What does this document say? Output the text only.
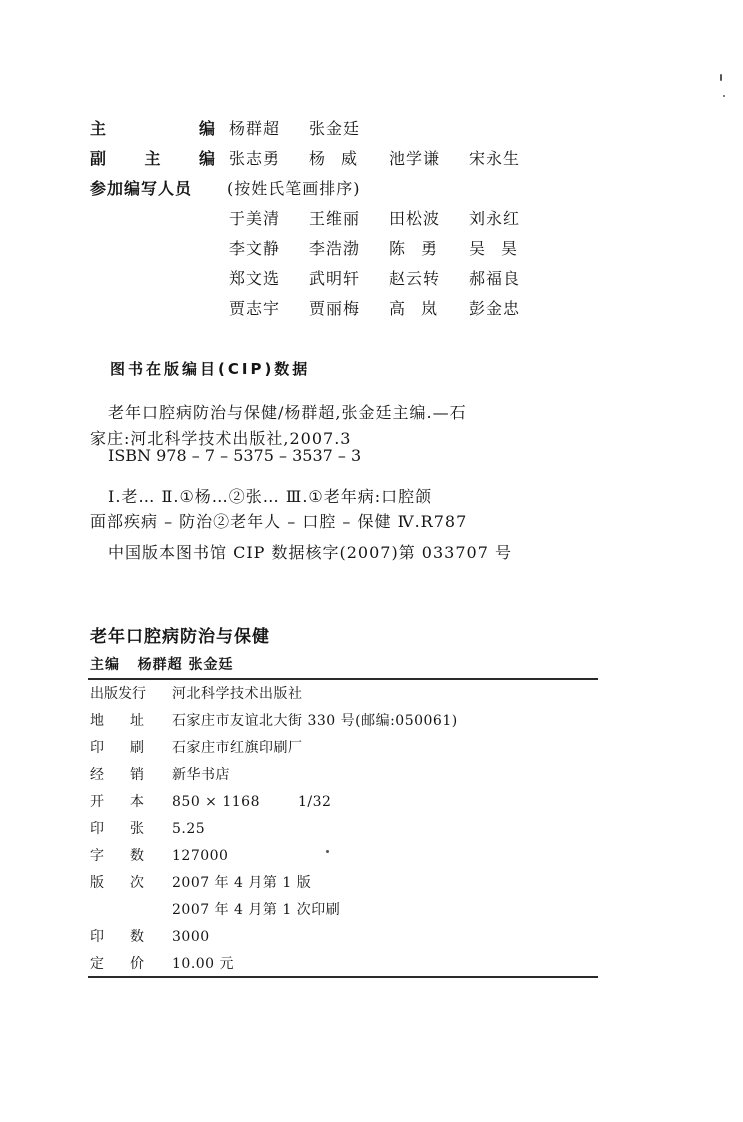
主	编 杨群超	张金廷
副 主 编 张志勇	杨威 池学谦	宋永生
参加编写人员	(按姓氏笔画排序)
于美清	王维丽	田松波	刘永红
李文静	李浩渤	陈勇 吴昊
郑文选	武明轩	赵云转	郝福良
贾志宇	贾丽梅	高岚 彭金忠
图书在版编目(CIP)数据
老年口腔病防治与保健/杨群超,张金廷主编.—石
家庄:河北科学技术出版社,2007.3
ISBN 978 – 7 – 5375 – 3537 – 3
Ⅰ.老… Ⅱ.①杨…②张… Ⅲ.①老年病:口腔颌
面部疾病 – 防治②老年人 – 口腔 – 保健 Ⅳ.R787
中国版本图书馆 CIP 数据核字(2007)第 033707 号
老年口腔病防治与保健
主编 杨群超 张金廷
出版发行	河北科学技术出版社
地	址	石家庄市友谊北大街 330 号(邮编:050061)
印	刷	石家庄市红旗印刷厂
经	销	新华书店
开	本	850 × 1168	1/32
印	张	5.25
字	数	127000
版	次	2007 年 4 月第 1 版
2007 年 4 月第 1 次印刷
印	数	3000
定	价	10.00 元
